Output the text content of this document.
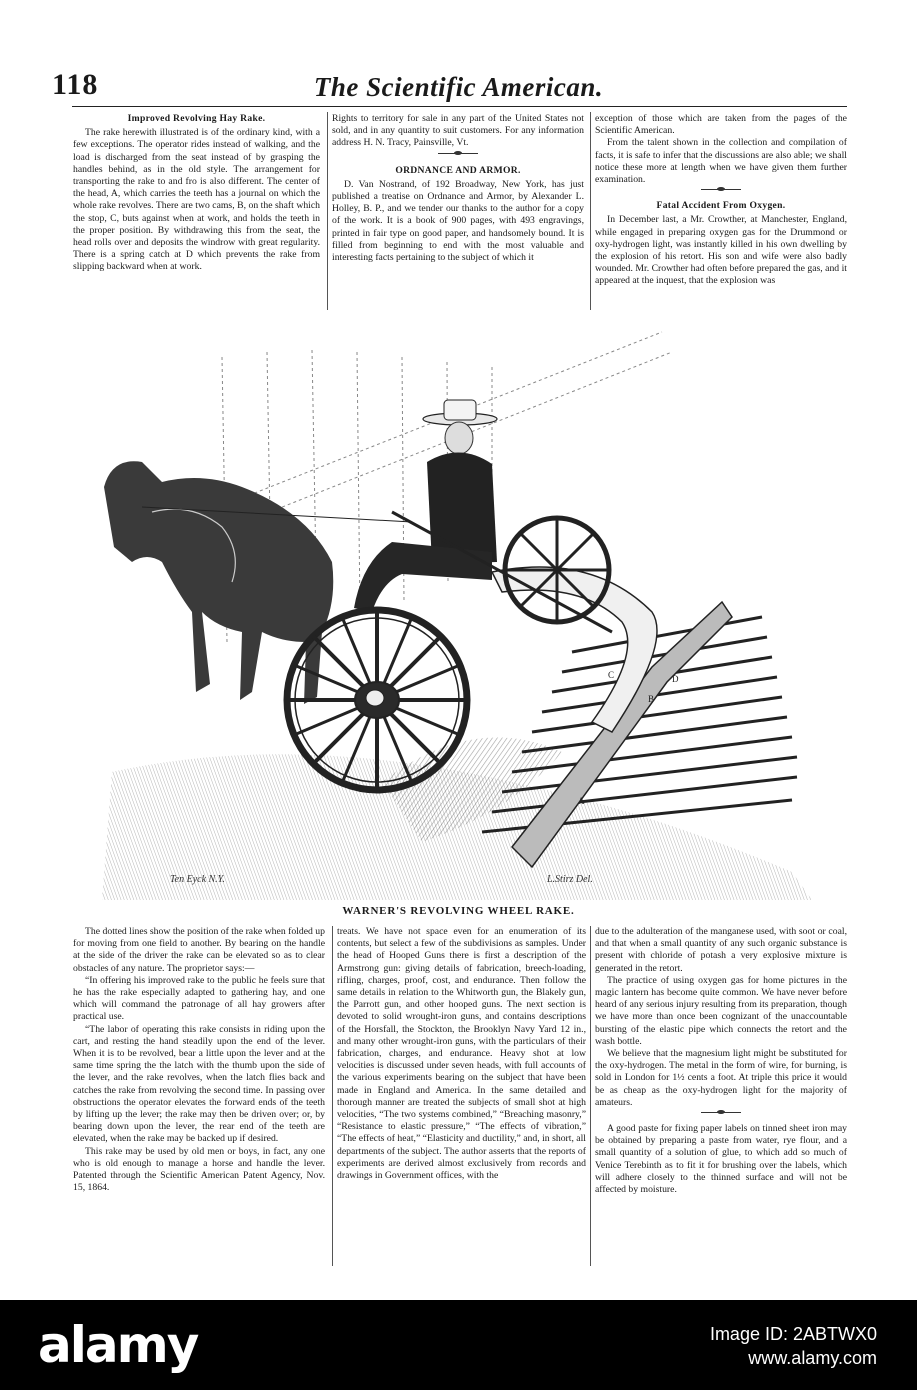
118	The Scientific American.
Improved Revolving Hay Rake.

The rake herewith illustrated is of the ordinary kind, with a few exceptions. The operator rides instead of walking, and the load is discharged from the seat instead of by grasping the handles behind, as in the old style. The arrangement for transporting the rake to and fro is also different. The center of the head, A, which carries the teeth has a journal on which the whole rake revolves. There are two cams, B, on the shaft which the stop, C, buts against when at work, and holds the teeth in the proper position. By withdrawing this from the seat, the head rolls over and deposits the windrow with great regularity. There is a spring catch at D which prevents the rake from slipping backward when at work.

Rights to territory for sale in any part of the United States not sold, and in any quantity to suit customers. For any information address H. N. Tracy, Painsville, Vt.

ORDNANCE AND ARMOR.

D. Van Nostrand, of 192 Broadway, New York, has just published a treatise on Ordnance and Armor, by Alexander L. Holley, B. P., and we tender our thanks to the author for a copy of the work. It is a book of 900 pages, with 493 engravings, printed in fair type on good paper, and handsomely bound. It is filled from beginning to end with the most valuable and interesting facts pertaining to the subject of which it

exception of those which are taken from the pages of the Scientific American.

From the talent shown in the collection and compilation of facts, it is safe to infer that the discussions are also able; we shall notice these more at length when we have given them further examination.

Fatal Accident From Oxygen.

In December last, a Mr. Crowther, at Manchester, England, while engaged in preparing oxygen gas for the Drummond or oxy-hydrogen light, was instantly killed in his own dwelling by the explosion of his retort. His son and wife were also badly wounded. Mr. Crowther had often before prepared the gas, and it appeared at the inquest, that the explosion was

A
B
C	D
Ten Eyck N.Y.	L.Stirz Del.
WARNER'S REVOLVING WHEEL RAKE.

The dotted lines show the position of the rake when folded up for moving from one field to another. By bearing on the handle at the side of the driver the rake can be elevated so as to clear obstacles of any nature. The proprietor says:—

“In offering his improved rake to the public he feels sure that he has the rake especially adapted to gathering hay, and one which will command the patronage of all hay growers after practical use.

“The labor of operating this rake consists in riding upon the cart, and resting the hand steadily upon the end of the lever. When it is to be revolved, bear a little upon the lever and at the same time spring the the latch with the thumb upon the side of the lever, and the rake revolves, when the latch flies back and catches the rake from revolving the second time. In passing over obstructions the operator elevates the forward ends of the teeth by lifting up the lever; the rake may then be driven over; or, by bearing down upon the lever, the rear end of the teeth are elevated, when the rake may be backed up if desired.

This rake may be used by old men or boys, in fact, any one who is old enough to manage a horse and handle the lever. Patented through the Scientific American Patent Agency, Nov. 15, 1864.

treats. We have not space even for an enumeration of its contents, but select a few of the subdivisions as samples. Under the head of Hooped Guns there is first a description of the Armstrong gun: giving details of fabrication, breech-loading, rifling, charges, proof, cost, and endurance. Then follow the same details in relation to the Whitworth gun, the Blakely gun, the Parrott gun, and other hooped guns. The next section is devoted to solid wrought-iron guns, and contains descriptions of the Horsfall, the Stockton, the Brooklyn Navy Yard 12 in., and many other wrought-iron guns, with the particulars of their fabrication, charges, and endurance. Heavy shot at low velocities is discussed under seven heads, with full accounts of the various experiments bearing on the subject that have been made in England and America. In the same detailed and thorough manner are treated the subjects of small shot at high velocities, “The two systems combined,” “Breaching masonry,” “Resistance to elastic pressure,” “The effects of vibration,” “The effects of heat,” “Elasticity and ductility,” and, in short, all departments of the subject. The author asserts that the reports of experiments are derived almost exclusively from records and drawings in Government offices, with the

due to the adulteration of the manganese used, with soot or coal, and that when a small quantity of any such organic substance is present with chloride of potash a very explosive mixture is generated in the retort.

The practice of using oxygen gas for home pictures in the magic lantern has become quite common. We have never before heard of any serious injury resulting from its preparation, though we have more than once been cognizant of the unaccountable bursting of the elastic pipe which connects the retort and the wash bottle.

We believe that the magnesium light might be substituted for the oxy-hydrogen. The metal in the form of wire, for burning, is sold in London for 1½ cents a foot. At triple this price it would be as cheap as the oxy-hydrogen light for the majority of amateurs.

A good paste for fixing paper labels on tinned sheet iron may be obtained by preparing a paste from water, rye flour, and a small quantity of a solution of glue, to which add so much of Venice Terebinth as to fit it for brushing over the labels, which will adhere closely to the thinned surface and will not be affected by moisture.

alamy	Image ID: 2ABTWX0
www.alamy.com
